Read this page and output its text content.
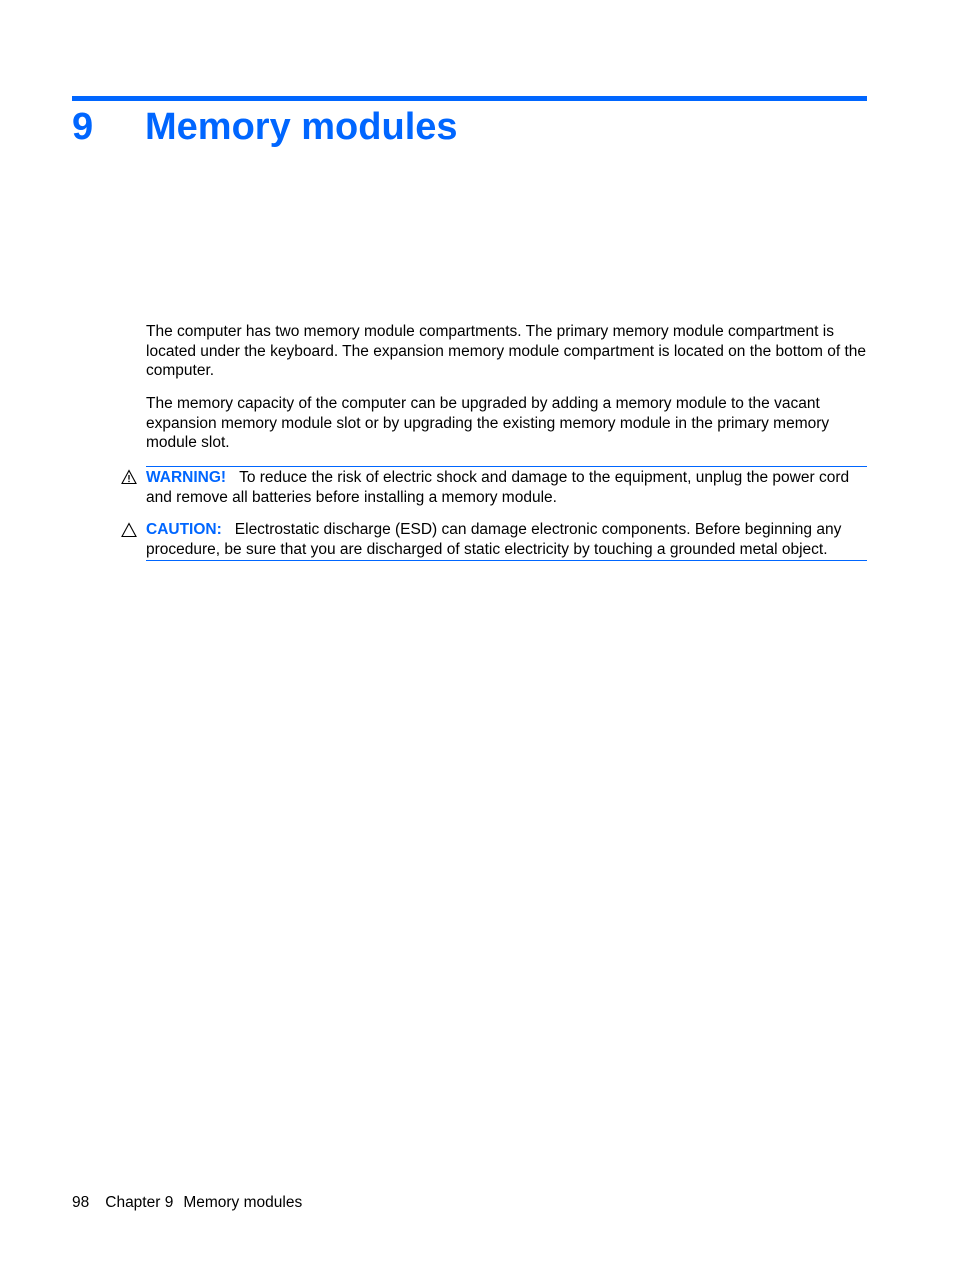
9 Memory modules

The computer has two memory module compartments. The primary memory module compartment is located under the keyboard. The expansion memory module compartment is located on the bottom of the computer.

The memory capacity of the computer can be upgraded by adding a memory module to the vacant expansion memory module slot or by upgrading the existing memory module in the primary memory module slot.

WARNING! To reduce the risk of electric shock and damage to the equipment, unplug the power cord and remove all batteries before installing a memory module.
CAUTION: Electrostatic discharge (ESD) can damage electronic components. Before beginning any procedure, be sure that you are discharged of static electricity by touching a grounded metal object.
98 Chapter 9 Memory modules
